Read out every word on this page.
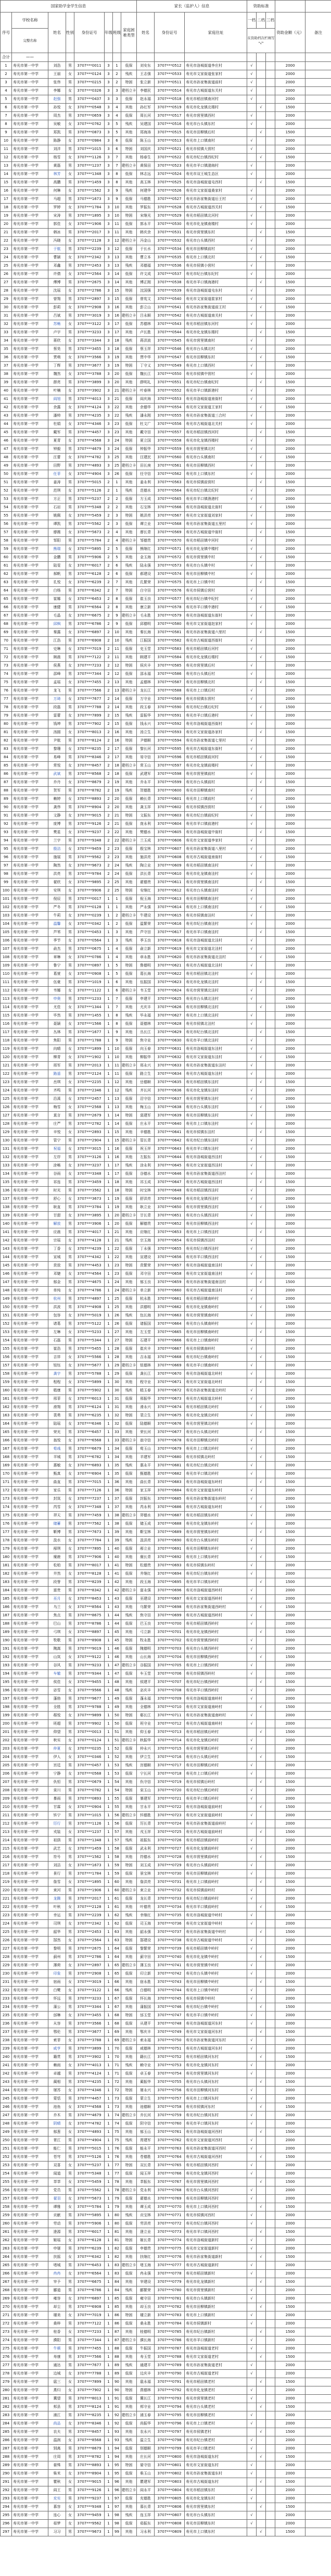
国家助学金学生信息								家长（监护人）信息			资助标准				
序号	学校名称	姓名	性别	身份证号	年级	班级	家庭困难类型	姓名	身份证号	家庭住址	一档	二档	三档	资助金额（元）	备注
	完整名称										在资助档次栏填写 "√"				
合计	——														
1	寿光市第一中学	刘浩	男	3707***0011	3	1	低保	刘安东	3707***0512	寿光市洛城街道李庄村	√			2000	
2	寿光市第一中学	王丽	女	3707***0124	3	2	残疾	王志强	3707***0533	寿光市文家街道张家村	√			2000	
3	寿光市第一中学	张伟	男	3707***0215	3	2	特困	张立新	3707***0511	寿光市孙家集街道前村	√			2000	
4	寿光市第一中学	李娜	女	3707***0326	3	3	建档立卡	李德民	3707***0514	寿光市古城街道东关村	√			2000	
5	寿光市第一中学	赵强	男	3707***0437	3	3	低保	赵永福	3707***0518	寿光市稻田镇南河村	√			2000	
6	寿光市第一中学	孙悦	女	3707***0548	3	4	其他	孙红军	3707***0519	寿光市化龙镇北楼村		√		1500	
7	寿光市第一中学	周杰	男	3707***0659	3	4	低保	周长河	3707***0517	寿光市营里镇西村	√			2000	
8	寿光市第一中学	吴敏	女	3707***0762	3	5	残疾	吴建国	3707***0516	寿光市台头镇东村	√			2000	
9	寿光市第一中学	郑凯	男	3707***0873	3	5	其他	郑海涛	3707***0515	寿光市田柳镇后村		√		1500	
10	寿光市第一中学	陈静	女	3707***0984	3	6	低保	陈玉山	3707***0513	寿光市上口镇南村	√			2000	
11	寿光市第一中学	刘洋	男	3707***1015	3	6	特困	刘国庆	3707***0521	寿光市侯镇大营村	√			2000	
12	寿光市第一中学	杨雪	女	3707***1126	3	7	其他	杨春生	3707***0522	寿光市纪台镇西纪村		√		1500	
13	寿光市第一中学	黄磊	男	3707***1237	3	7	建档立卡	黄保田	3707***0523	寿光市羊口镇渤海村	√			2000	
14	寿光市第一中学	林芳	女	3707***1348	3	8	低保	林志远	3707***0524	寿光市双王城生态区	√			2000	
15	寿光市第一中学	高鹏	男	3707***1459	3	8	其他	高玉林	3707***0525	寿光市洛城街道屯西村		√		1500	
16	寿光市第一中学	何琳	女	3707***1562	3	9	残疾	何建华	3707***0526	寿光市文家街道桑家村	√			2000	
17	寿光市第一中学	马超	男	3707***1673	3	9	低保	马德胜	3707***0527	寿光市孙家集街道后王村	√			2000	
18	寿光市第一中学	罗婷	女	3707***1784	3	10	其他	罗振东	3707***0528	寿光市古城街道西关村		√		1500	
19	寿光市第一中学	宋涛	男	3707***1895	3	10	特困	宋继光	3707***0529	寿光市稻田镇北河村	√			2000	
20	寿光市第一中学	郭佳	女	3707***1906	3	11	低保	郭永平	3707***0530	寿光市化龙镇南楼村	√			2000	
21	寿光市第一中学	韩冰	男	3707***2017	3	11	其他	韩庆余	3707***0531	寿光市营里镇东村		√		1500	
22	寿光市第一中学	冯晓	女	3707***2128	3	12	建档立卡	冯金山	3707***0532	寿光市台头镇西村	√			2000	
23	寿光市第一中学	于航	男	3707***2239	3	12	低保	于长水	3707***0534	寿光市田柳镇前村	√			2000	
24	寿光市第一中学	曹颖	女	3707***2342	3	13	其他	曹立本	3707***0535	寿光市上口镇北村		√		1500	
25	寿光市第一中学	邓鑫	男	3707***2453	3	13	残疾	邓德福	3707***0536	寿光市侯镇小营村	√			2000	
26	寿光市第一中学	许倩	女	3707***2564	3	14	低保	许文成	3707***0537	寿光市纪台镇东纪村	√			2000	
27	寿光市第一中学	傅博	男	3707***2675	3	14	其他	傅正刚	3707***0538	寿光市羊口镇海港村		√		1500	
28	寿光市第一中学	沈瑶	女	3707***2786	3	15	特困	沈国强	3707***0539	寿光市洛城街道屯东村	√			2000	
29	寿光市第一中学	曾翔	男	3707***2897	3	15	低保	曾宪文	3707***0540	寿光市文家街道崔家村	√			2000	
30	寿光市第一中学	彭莉	女	3707***2908	3	16	其他	彭立山	3707***0541	寿光市孙家集街道前王村		√		1500	
31	寿光市第一中学	吕斌	男	3707***3019	3	16	建档立卡	吕永顺	3707***0542	寿光市古城街道南关村	√			2000	
32	寿光市第一中学	苏畅	女	3707***3122	3	17	低保	苏德林	3707***0543	寿光市稻田镇东河村	√			2000	
33	寿光市第一中学	卢宇	男	3707***3233	3	17	其他	卢长胜	3707***0544	寿光市化龙镇东楼村		√		1500	
34	寿光市第一中学	蒋欣	女	3707***3344	3	18	残疾	蒋洪波	3707***0545	寿光市营里镇南村	√			2000	
35	寿光市第一中学	蔡昊	男	3707***3455	3	18	低保	蔡玉祥	3707***0546	寿光市台头镇北村	√			2000	
36	寿光市第一中学	贾萌	女	3707***3566	3	19	其他	贾中华	3707***0547	寿光市田柳镇东村		√		1500	
37	寿光市第一中学	丁辉	男	3707***3677	3	19	特困	丁守义	3707***0549	寿光市上口镇西村	√			2000	
38	寿光市第一中学	魏然	女	3707***3788	3	20	低保	魏长江	3707***0550	寿光市侯镇中营村	√			2000	
39	寿光市第一中学	薛亮	男	3707***3899	3	20	其他	薛明礼	3707***0551	寿光市纪台镇南纪村		√		1500	
40	寿光市第一中学	叶楠	女	3707***3902	3	21	建档立卡	叶春林	3707***0552	寿光市羊口镇新港村	√			2000	
41	寿光市第一中学	阎旭	男	3707***4013	3	21	低保	阎庆海	3707***0553	寿光市洛城街道南街村	√			2000	
42	寿光市第一中学	余露	女	3707***4124	3	22	其他	余德华	3707***0554	寿光市文家街道王家村		√		1500	
43	寿光市第一中学	潘帅	男	3707***4235	3	22	残疾	潘永刚	3707***0555	寿光市孙家集街道三合村	√			2000	
44	寿光市第一中学	杜娟	女	3707***4346	3	23	低保	杜文广	3707***0556	寿光市古城街道北关村	√			2000	
45	寿光市第一中学	戴军	男	3707***4457	3	23	其他	戴守田	3707***0557	寿光市稻田镇西河村		√		1500	
46	寿光市第一中学	夏青	女	3707***4568	3	24	特困	夏立国	3707***0558	寿光市化龙镇西楼村	√			2000	
47	寿光市第一中学	钟毅	男	3707***4679	3	24	低保	钟振华	3707***0559	寿光市营里镇北村	√			2000	
48	寿光市第一中学	汪蕾	女	3707***4782	3	25	其他	汪建民	3707***0560	寿光市台头镇南村		√		1500	
49	寿光市第一中学	田野	男	3707***4893	3	25	建档立卡	田长庚	3707***0561	寿光市田柳镇西村	√			2000	
50	寿光市第一中学	任菲	女	3707***4904	3	26	低保	任守信	3707***0562	寿光市上口镇东村	√			2000	
51	寿光市第一中学	姜涛	男	3707***5015	2	1	其他	姜永利	3707***0563	寿光市侯镇前营村		√		1500	
52	寿光市第一中学	范琪	女	3707***5126	2	1	残疾	范德水	3707***0564	寿光市纪台镇北纪村	√			2000	
53	寿光市第一中学	方正	男	3707***5237	2	2	低保	方玉成	3707***0565	寿光市羊口镇渔港村	√			2000	
54	寿光市第一中学	石岩	男	3707***5348	2	2	其他	石宝林	3707***0566	寿光市洛城街道北街村		√		1500	
55	寿光市第一中学	姚佩	女	3707***5459	2	3	特困	姚洪亮	3707***0567	寿光市文家街道刘家村	√			2000	
56	寿光市第一中学	谭凯	男	3707***5562	2	3	低保	谭立业	3707***0568	寿光市孙家集街道五里村	√			2000	
57	寿光市第一中学	廖薇	女	3707***5673	2	4	其他	廖长青	3707***0569	寿光市古城街道中街村		√		1500	
58	寿光市第一中学	邹阳	男	3707***5784	2	4	建档立卡	邹德贵	3707***0570	寿光市稻田镇中河村	√			2000	
59	寿光市第一中学	熊瑞	女	3707***5895	2	5	低保	熊继红	3707***0571	寿光市化龙镇中楼村	√			2000	
60	寿光市第一中学	金鹏	男	3707***5906	2	5	其他	金玉海	3707***0572	寿光市营里镇中村		√		1500	
61	寿光市第一中学	陆雯	女	3707***6017	2	6	残疾	陆永强	3707***0573	寿光市台头镇中村	√			2000	
62	寿光市第一中学	郝帆	男	3707***6128	2	6	低保	郝建设	3707***0574	寿光市田柳镇中村	√			2000	
63	寿光市第一中学	孔悦	女	3707***6239	2	7	其他	孔繁荣	3707***0575	寿光市上口镇中村		√		1500	
64	寿光市第一中学	白杨	男	3707***6342	2	7	特困	白守田	3707***0576	寿光市侯镇后营村	√			2000	
65	寿光市第一中学	崔娜	女	3707***6453	2	8	低保	崔玉良	3707***0577	寿光市纪台镇中纪村	√			2000	
66	寿光市第一中学	康健	男	3707***6564	2	8	其他	康立新	3707***0578	寿光市羊口镇中港村		√		1500	
67	寿光市第一中学	毛晶	女	3707***6675	2	9	建档立卡	毛永胜	3707***0579	寿光市洛城街道东街村	√			2000	
68	寿光市第一中学	邱枫	男	3707***6786	2	9	低保	邱德明	3707***0580	寿光市文家街道赵家村	√			2000	
69	寿光市第一中学	秦露	女	3707***6897	2	10	其他	秦长海	3707***0581	寿光市孙家集街道六里村		√		1500	
70	寿光市第一中学	江浩	男	3707***6908	2	10	残疾	江振国	3707***0582	寿光市古城街道西街村	√			2000	
71	寿光市第一中学	史琳	女	3707***7019	2	11	低保	史玉堂	3707***0583	寿光市稻田镇后河村	√			2000	
72	寿光市第一中学	顾晨	男	3707***7122	2	11	其他	顾建平	3707***0584	寿光市化龙镇后楼村		√		1500	
73	寿光市第一中学	侯燕	女	3707***7233	2	12	特困	侯庆丰	3707***0585	寿光市营里镇后村	√			2000	
74	寿光市第一中学	邵峰	男	3707***7344	2	12	低保	邵永福	3707***0586	寿光市台头镇后村	√			2000	
75	寿光市第一中学	孟瑶	女	3707***7455	2	13	其他	孟德林	3707***0587	寿光市田柳镇北村		√		1500	
76	寿光市第一中学	龙飞	男	3707***7566	2	13	建档立卡	龙长江	3707***0588	寿光市上口镇后村	√			2000	
77	寿光市第一中学	万琦	女	3707***7677	2	14	低保	万守业	3707***0589	寿光市侯镇东营村	√			2000	
78	寿光市第一中学	段磊	男	3707***7788	2	14	其他	段玉春	3707***0590	寿光市纪台镇后纪村		√		1500	
79	寿光市第一中学	雷蕾	女	3707***7899	2	15	残疾	雷振华	3707***0591	寿光市羊口镇后港村	√			2000	
80	寿光市第一中学	钱坤	男	3707***7902	2	15	低保	钱永兴	3707***0592	寿光市洛城街道西街村	√			2000	
81	寿光市第一中学	汤圆	女	3707***8013	2	16	其他	汤立生	3707***0593	寿光市文家街道孙家村		√		1500	
82	寿光市第一中学	尹航	男	3707***8124	2	16	特困	尹德顺	3707***0594	寿光市孙家集街道七里村	√			2000	
83	寿光市第一中学	黎珊	女	3707***8235	2	17	低保	黎长河	3707***0595	寿光市古城街道东街村	√			2000	
84	寿光市第一中学	易峰	男	3707***8346	2	17	其他	易守信	3707***0596	寿光市稻田镇前河村		√		1500	
85	寿光市第一中学	常悦	女	3707***8457	2	18	建档立卡	常玉山	3707***0597	寿光市化龙镇前楼村	√			2000	
86	寿光市第一中学	武斌	男	3707***8568	2	18	低保	武建军	3707***0598	寿光市营里镇前村	√			2000	
87	寿光市第一中学	乔丹	女	3707***8679	2	19	其他	乔永平	3707***0599	寿光市台头镇前村		√		1500	
88	寿光市第一中学	贺军	男	3707***8782	2	19	残疾	贺德胜	3707***0600	寿光市田柳镇南村	√			2000	
89	寿光市第一中学	赖婷	女	3707***8893	2	20	低保	赖长青	3707***0601	寿光市上口镇前村	√			2000	
90	寿光市第一中学	龚伟	男	3707***8904	2	20	其他	龚玉祥	3707***0602	寿光市侯镇西营村		√		1500	
91	寿光市第一中学	文静	女	3707***9015	2	21	特困	文振东	3707***0603	寿光市纪台镇前纪村	√			2000	
92	寿光市第一中学	庞博	男	3707***9126	2	21	低保	庞永利	3707***0604	寿光市羊口镇前港村	√			2000	
93	寿光市第一中学	樊星	女	3707***9237	2	22	其他	樊德水	3707***0605	寿光市洛城街道中街村		√		1500	
94	寿光市第一中学	兰宇	男	3707***9348	2	22	建档立卡	兰玉成	3707***0606	寿光市文家街道李家村	√			2000	
95	寿光市第一中学	殷洁	女	3707***9459	2	23	低保	殷宝林	3707***0607	寿光市孙家集街道八里村	√			2000	
96	寿光市第一中学	施展	男	3707***9562	2	23	其他	施洪亮	3707***0608	寿光市古城街道南街村		√		1500	
97	寿光市第一中学	陶然	女	3707***9673	2	24	残疾	陶立业	3707***0609	寿光市稻田镇南洼村	√			2000	
98	寿光市第一中学	洪亮	男	3707***9784	2	24	低保	洪长青	3707***0610	寿光市化龙镇南洼村	√			2000	
99	寿光市第一中学	翟欣	女	3707***9895	2	25	其他	翟德贵	3707***0611	寿光市营里镇南洼村		√		1500	
100	寿光市第一中学	安琪	女	3707***9906	2	25	特困	安继红	3707***0612	寿光市台头镇南洼村	√			2000	
101	寿光市第一中学	倪辰	男	3707***0017	1	1	低保	倪玉海	3707***0613	寿光市田柳镇南洼村	√			2000	
102	寿光市第一中学	严冬	男	3707***0128	1	1	其他	严永强	3707***0614	寿光市上口镇南洼村		√		1500	
103	寿光市第一中学	牛莉	女	3707***0239	1	2	建档立卡	牛建设	3707***0615	寿光市侯镇南洼村	√			2000	
104	寿光市第一中学	温馨	女	3707***0342	1	2	低保	温繁荣	3707***0616	寿光市纪台镇南洼村	√			2000	
105	寿光市第一中学	芦苇	男	3707***0453	1	3	其他	芦守田	3707***0617	寿光市羊口镇南洼村		√		1500	
106	寿光市第一中学	季节	女	3707***0564	1	3	残疾	季玉良	3707***0618	寿光市洛城街道北洼村	√			2000	
107	寿光市第一中学	俞杰	男	3707***0675	1	4	低保	俞立新	3707***0619	寿光市文家街道北洼村	√			2000	
108	寿光市第一中学	章琳	女	3707***0786	1	4	其他	章永胜	3707***0620	寿光市孙家集街道北洼村		√		1500	
109	寿光市第一中学	鲁宁	男	3707***0897	1	5	特困	鲁德明	3707***0621	寿光市古城街道北洼村	√			2000	
110	寿光市第一中学	葛萱	女	3707***0908	1	5	低保	葛长海	3707***0622	寿光市稻田镇北洼村	√			2000	
111	寿光市第一中学	伍豪	男	3707***1019	1	6	其他	伍振国	3707***0623	寿光市化龙镇北洼村		√		1500	
112	寿光市第一中学	韦娜	女	3707***1122	1	6	建档立卡	韦玉堂	3707***0624	寿光市营里镇北洼村	√			2000	
113	寿光市第一中学	申奥	男	3707***1233	1	7	低保	申建平	3707***0625	寿光市台头镇北洼村	√			2000	
114	寿光市第一中学	尤佳	女	3707***1344	1	7	其他	尤庆丰	3707***0626	寿光市田柳镇北洼村		√		1500	
115	寿光市第一中学	毕然	男	3707***1455	1	8	残疾	毕永福	3707***0627	寿光市上口镇北洼村	√			2000	
116	寿光市第一中学	聂颖	女	3707***1566	1	8	低保	聂德林	3707***0628	寿光市侯镇北洼村	√			2000	
117	寿光市第一中学	丛林	男	3707***1677	1	9	其他	丛长江	3707***0629	寿光市纪台镇北洼村		√		1500	
118	寿光市第一中学	焦阳	男	3707***1788	1	9	特困	焦守业	3707***0630	寿光市羊口镇北洼村	√			2000	
119	寿光市第一中学	向晴	女	3707***1899	1	10	低保	向玉春	3707***0631	寿光市洛城街道东洼村	√			2000	
120	寿光市第一中学	柳青	女	3707***1902	1	10	其他	柳振华	3707***0632	寿光市文家街道东洼村		√		1500	
121	寿光市第一中学	邢军	男	3707***2013	1	11	建档立卡	邢永兴	3707***0633	寿光市孙家集街道东洼村	√			2000	
122	寿光市第一中学	路遥	男	3707***2124	1	11	低保	路立生	3707***0634	寿光市古城街道东洼村	√			2000	
123	寿光市第一中学	岳琪	女	3707***2235	1	12	其他	岳德顺	3707***0635	寿光市稻田镇东洼村		√		1500	
124	寿光市第一中学	齐鸣	男	3707***2346	1	12	残疾	齐长河	3707***0636	寿光市化龙镇东洼村	√			2000	
125	寿光市第一中学	沿溪	女	3707***2457	1	13	低保	沿守信	3707***0637	寿光市营里镇东洼村	√			2000	
126	寿光市第一中学	梅雪	女	3707***2568	1	13	其他	梅玉山	3707***0638	寿光市台头镇东洼村		√		1500	
127	寿光市第一中学	莫言	男	3707***2679	1	14	特困	莫建军	3707***0639	寿光市田柳镇东洼村	√			2000	
128	寿光市第一中学	庄严	男	3707***2782	1	14	低保	庄永平	3707***0640	寿光市上口镇东洼村	√			2000	
129	寿光市第一中学	辛悦	女	3707***2893	1	15	其他	辛德胜	3707***0641	寿光市侯镇东洼村		√		1500	
130	寿光市第一中学	管宁	男	3707***2904	1	15	建档立卡	管长青	3707***0642	寿光市纪台镇东洼村	√			2000	
131	寿光市第一中学	祝福	女	3707***3015	1	16	低保	祝玉祥	3707***0643	寿光市羊口镇东洼村	√			2000	
132	寿光市第一中学	左岸	男	3707***3126	1	16	其他	左振东	3707***0644	寿光市洛城街道西洼村		√		1500	
133	寿光市第一中学	涂畅	女	3707***3237	1	17	残疾	涂永利	3707***0645	寿光市文家街道西洼村	√			2000	
134	寿光市第一中学	谷雨	女	3707***3348	1	17	低保	谷德水	3707***0646	寿光市孙家集街道西洼村	√			2000	
135	寿光市第一中学	祁连	男	3707***3459	1	18	其他	祁玉成	3707***0647	寿光市古城街道西洼村		√		1500	
136	寿光市第一中学	时光	男	3707***3562	1	18	特困	时宝林	3707***0648	寿光市稻田镇西洼村	√			2000	
137	寿光市第一中学	舒心	女	3707***3673	1	19	低保	舒洪亮	3707***0649	寿光市化龙镇西洼村	√			2000	
138	寿光市第一中学	耿直	男	3707***3784	1	19	其他	耿立业	3707***0650	寿光市营里镇西洼村		√		1500	
139	寿光市第一中学	甘甜	女	3707***3895	1	20	建档立卡	甘长青	3707***0651	寿光市台头镇西洼村	√			2000	
140	寿光市第一中学	解放	男	3707***3906	1	20	低保	解德贵	3707***0652	寿光市田柳镇西洼村	√			2000	
141	寿光市第一中学	应晨	男	3707***4017	1	21	其他	应继红	3707***0653	寿光市上口镇西洼村		√		1500	
142	寿光市第一中学	宗瑶	女	3707***4128	1	21	残疾	宗玉海	3707***0654	寿光市侯镇西洼村	√			2000	
143	寿光市第一中学	丁香	女	3707***4239	1	22	低保	丁永强	3707***0655	寿光市纪台镇西洼村	√			2000	
144	寿光市第一中学	宣城	男	3707***4342	1	22	其他	宣建设	3707***0656	寿光市羊口镇西洼村		√		1500	
145	寿光市第一中学	贲放	男	3707***4453	1	23	特困	贲繁荣	3707***0657	寿光市洛城街道南洼村	√			2000	
146	寿光市第一中学	邓婕	女	3707***4564	1	23	低保	邓守田	3707***0658	寿光市文家街道南洼村	√			2000	
147	寿光市第一中学	郁金	男	3707***4675	1	24	其他	郁玉良	3707***0659	寿光市孙家集街道南洼村		√		1500	
148	寿光市第一中学	单纯	女	3707***4786	1	24	建档立卡	单立新	3707***0660	寿光市古城街道南洼村	√			2000	
149	寿光市第一中学	杭州	男	3707***4897	1	25	低保	杭永胜	3707***0661	寿光市稻田镇南岭村	√			2000	
150	寿光市第一中学	洪波	男	3707***4908	1	25	其他	洪德明	3707***0662	寿光市化龙镇南岭村		√		1500	
151	寿光市第一中学	包容	女	3707***5019	1	26	残疾	包长海	3707***0663	寿光市营里镇南岭村	√			2000	
152	寿光市第一中学	诸葛	男	3707***5122	1	26	低保	诸振国	3707***0664	寿光市台头镇南岭村	√			2000	
153	寿光市第一中学	左琳	女	3707***5233	1	27	其他	左玉堂	3707***0665	寿光市田柳镇南岭村		√		1500	
154	寿光市第一中学	石磊	男	3707***5344	1	27	特困	石建平	3707***0666	寿光市上口镇南岭村	√			2000	
155	寿光市第一中学	崔浩	男	3707***5455	1	28	低保	崔庆丰	3707***0667	寿光市侯镇南岭村	√			2000	
156	寿光市第一中学	吉祥	女	3707***5566	1	28	其他	吉永福	3707***0668	寿光市纪台镇南岭村		√		1500	
157	寿光市第一中学	钮钰	女	3707***5677	1	29	建档立卡	钮德林	3707***0669	寿光市羊口镇南岭村	√			2000	
158	寿光市第一中学	龚宇	男	3707***5788	1	29	低保	龚长江	3707***0670	寿光市洛城街道北岭村	√			2000	
159	寿光市第一中学	程程	女	3707***5899	1	30	其他	程守业	3707***0671	寿光市文家街道北岭村		√		1500	
160	寿光市第一中学	嵇康	男	3707***5902	1	30	残疾	嵇玉春	3707***0672	寿光市孙家集街道北岭村	√			2000	
161	寿光市第一中学	邢菲	女	3707***6013	1	31	低保	邢振华	3707***0673	寿光市古城街道北岭村	√			2000	
162	寿光市第一中学	滑翔	男	3707***6124	1	31	其他	滑永兴	3707***0674	寿光市稻田镇北岭村		√		1500	
163	寿光市第一中学	裴勇	男	3707***6235	1	32	特困	裴立生	3707***0675	寿光市化龙镇北岭村	√			2000	
164	寿光市第一中学	陆瑶	女	3707***6346	1	32	低保	陆德顺	3707***0676	寿光市营里镇北岭村	√			2000	
165	寿光市第一中学	荣光	男	3707***6457	1	33	其他	荣长河	3707***0677	寿光市台头镇北岭村		√		1500	
166	寿光市第一中学	翁悦	女	3707***6568	1	33	建档立卡	翁守信	3707***0678	寿光市田柳镇北岭村	√			2000	
167	寿光市第一中学	荀彧	男	3707***6679	1	34	低保	荀玉山	3707***0679	寿光市上口镇北岭村	√			2000	
168	寿光市第一中学	羊城	男	3707***6782	1	34	其他	羊建军	3707***0680	寿光市侯镇北岭村		√		1500	
169	寿光市第一中学	惠敏	女	3707***6893	1	35	残疾	惠永平	3707***0681	寿光市纪台镇北岭村	√			2000	
170	寿光市第一中学	甄真	女	3707***6904	1	35	低保	甄德胜	3707***0682	寿光市羊口镇北岭村	√			2000	
171	寿光市第一中学	曲直	男	3707***7015	1	36	其他	曲长青	3707***0683	寿光市洛城街道东岭村		√		1500	
172	寿光市第一中学	家乐	男	3707***7126	1	36	特困	家玉祥	3707***0684	寿光市文家街道东岭村	√			2000	
173	寿光市第一中学	封岚	女	3707***7237	1	37	低保	封振东	3707***0685	寿光市孙家集街道东岭村	√			2000	
174	寿光市第一中学	芮雪	女	3707***7348	1	37	其他	芮永利	3707***0686	寿光市古城街道东岭村		√		1500	
175	寿光市第一中学	羿天	男	3707***7459	1	38	建档立卡	羿德水	3707***0687	寿光市稻田镇东岭村	√			2000	
176	寿光市第一中学	储蓄	男	3707***7562	1	38	低保	储玉成	3707***0688	寿光市化龙镇东岭村	√			2000	
177	寿光市第一中学	靳博	男	3707***7673	1	39	其他	靳宝林	3707***0689	寿光市营里镇东岭村		√		1500	
178	寿光市第一中学	汲水	女	3707***7784	1	39	残疾	汲洪亮	3707***0690	寿光市台头镇东岭村	√			2000	
179	寿光市第一中学	邴琪	女	3707***7895	1	40	低保	邴立业	3707***0691	寿光市田柳镇东岭村	√			2000	
180	寿光市第一中学	糜鹿	男	3707***7906	1	40	其他	糜长青	3707***0692	寿光市上口镇东岭村		√		1500	
181	寿光市第一中学	松柏	男	3707***8017	1	41	特困	松德贵	3707***0693	寿光市侯镇东岭村	√			2000	
182	寿光市第一中学	井然	女	3707***8128	1	41	低保	井继红	3707***0694	寿光市纪台镇东岭村	√			2000	
183	寿光市第一中学	段誉	男	3707***8239	1	42	其他	段玉海	3707***0695	寿光市羊口镇东岭村		√		1500	
184	寿光市第一中学	富贵	男	3707***8342	1	42	建档立卡	富永强	3707***0696	寿光市洛城街道西岭村	√			2000	
185	寿光市第一中学	巫月	女	3707***8453	1	43	低保	巫建设	3707***0697	寿光市文家街道西岭村	√			2000	
186	寿光市第一中学	乌兰	女	3707***8564	1	43	其他	乌繁荣	3707***0698	寿光市孙家集街道西岭村		√		1500	
187	寿光市第一中学	焦点	男	3707***8675	1	44	残疾	焦守田	3707***0699	寿光市古城街道西岭村	√			2000	
188	寿光市第一中学	巴山	男	3707***8786	1	44	低保	巴玉良	3707***0700	寿光市稻田镇西岭村	√			2000	
189	寿光市第一中学	弓琪	女	3707***8897	1	45	其他	弓立新	3707***0701	寿光市化龙镇西岭村		√		1500	
190	寿光市第一中学	牧歌	男	3707***8908	1	45	特困	牧永胜	3707***0702	寿光市营里镇西岭村	√			2000	
191	寿光市第一中学	隗嵩	男	3707***9019	1	46	低保	隗德明	3707***0703	寿光市台头镇西岭村	√			2000	
192	寿光市第一中学	山岚	女	3707***9122	1	46	其他	山长海	3707***0704	寿光市田柳镇西岭村		√		1500	
193	寿光市第一中学	谷风	男	3707***9233	1	47	建档立卡	谷振国	3707***0705	寿光市上口镇西岭村	√			2000	
194	寿光市第一中学	车辙	男	3707***9344	1	47	低保	车玉堂	3707***0706	寿光市侯镇西岭村	√			2000	
195	寿光市第一中学	侯佳	女	3707***9455	1	48	其他	侯建平	3707***0707	寿光市纪台镇西岭村		√		1500	
196	寿光市第一中学	宓雪	女	3707***9566	1	48	残疾	宓庆丰	3707***0708	寿光市羊口镇西岭村	√			2000	
197	寿光市第一中学	蓬勃	男	3707***9677	1	49	低保	蓬永福	3707***0709	寿光市洛城街道南岭村	√			2000	
198	寿光市第一中学	全胜	男	3707***9788	1	49	其他	全德林	3707***0710	寿光市文家街道南岭村		√		1500	
199	寿光市第一中学	郗悦	女	3707***9899	1	50	特困	郗长江	3707***0711	寿光市孙家集街道南岭村	√			2000	
200	寿光市第一中学	班超	男	3707***9902	1	50	低保	班守业	3707***0712	寿光市古城街道南岭村	√			2000	
201	寿光市第一中学	仰望	男	3707***0013	1	51	其他	仰玉春	3707***0713	寿光市稻田镇后岭村		√		1500	
202	寿光市第一中学	秋实	女	3707***0124	1	51	建档立卡	秋振华	3707***0714	寿光市化龙镇后岭村	√			2000	
203	寿光市第一中学	仲夏	女	3707***0235	1	52	低保	仲永兴	3707***0715	寿光市营里镇后岭村	√			2000	
204	寿光市第一中学	伊人	女	3707***0346	1	52	其他	伊立生	3707***0716	寿光市台头镇后岭村		√		1500	
205	寿光市第一中学	宫廷	男	3707***0457	1	53	残疾	宫德顺	3707***0717	寿光市田柳镇后岭村	√			2000	
206	寿光市第一中学	宁静	女	3707***0568	1	53	低保	宁长河	3707***0718	寿光市上口镇后岭村	√			2000	
207	寿光市第一中学	仇恒	男	3707***0679	1	54	其他	仇守信	3707***0719	寿光市侯镇后岭村		√		1500	
208	寿光市第一中学	栾川	男	3707***0782	1	54	特困	栾玉山	3707***0720	寿光市纪台镇后岭村	√			2000	
209	寿光市第一中学	暴雨	男	3707***0893	1	55	低保	暴建军	3707***0721	寿光市羊口镇后岭村	√			2000	
210	寿光市第一中学	甘霖	女	3707***0904	1	55	其他	甘永平	3707***0722	寿光市洛城街道前岭村		√		1500	
211	寿光市第一中学	钭宁	男	3707***1015	1	56	建档立卡	钭德胜	3707***0723	寿光市文家街道前岭村	√			2000	
212	寿光市第一中学	厉行	男	3707***1126	1	56	低保	厉长青	3707***0724	寿光市孙家集街道前岭村	√			2000	
213	寿光市第一中学	戎装	女	3707***1237	1	57	其他	戎玉祥	3707***0725	寿光市古城街道前岭村		√		1500	
214	寿光市第一中学	祖荫	男	3707***1348	1	57	残疾	祖振东	3707***0726	寿光市稻田镇前岭村	√			2000	
215	寿光市第一中学	武艺	女	3707***1459	1	58	低保	武永利	3707***0727	寿光市化龙镇前岭村	√			2000	
216	寿光市第一中学	符号	男	3707***1562	1	58	其他	符德水	3707***0728	寿光市营里镇前岭村		√		1500	
217	寿光市第一中学	刘洁	女	3707***1673	1	59	特困	刘玉成	3707***0729	寿光市台头镇前岭村	√			2000	
218	寿光市第一中学	景行	男	3707***1784	1	59	低保	景宝林	3707***0730	寿光市田柳镇前岭村	√			2000	
219	寿光市第一中学	詹雪	女	3707***1895	1	60	其他	詹洪亮	3707***0731	寿光市上口镇前岭村		√		1500	
220	寿光市第一中学	束河	男	3707***1906	1	60	建档立卡	束立业	3707***0732	寿光市侯镇前岭村	√			2000	
221	寿光市第一中学	龙腾	男	3707***2017	1	61	低保	龙长青	3707***0733	寿光市纪台镇前岭村	√			2000	
222	寿光市第一中学	叶秋	女	3707***2128	1	61	其他	叶德贵	3707***0734	寿光市羊口镇前岭村		√		1500	
223	寿光市第一中学	幸运	男	3707***2239	1	62	残疾	幸继红	3707***0735	寿光市洛城街道中岭村	√			2000	
224	寿光市第一中学	司琪	女	3707***2342	1	62	低保	司玉海	3707***0736	寿光市文家街道中岭村	√			2000	
225	寿光市第一中学	韶华	男	3707***2453	1	63	其他	韶永强	3707***0737	寿光市孙家集街道中岭村		√		1500	
226	寿光市第一中学	郜然	女	3707***2564	1	63	特困	郜建设	3707***0738	寿光市古城街道中岭村	√			2000	
227	寿光市第一中学	黎明	男	3707***2675	1	64	低保	黎繁荣	3707***0739	寿光市稻田镇中岭村	√			2000	
228	寿光市第一中学	蓟州	男	3707***2786	1	64	其他	蓟守田	3707***0740	寿光市化龙镇中岭村		√		1500	
229	寿光市第一中学	薄荷	女	3707***2897	1	65	建档立卡	薄玉良	3707***0741	寿光市营里镇中岭村	√			2000	
230	寿光市第一中学	印象	男	3707***2908	1	65	低保	印立新	3707***0742	寿光市台头镇中岭村	√			2000	
231	寿光市第一中学	宿雨	女	3707***3019	1	66	其他	宿永胜	3707***0743	寿光市田柳镇中岭村		√		1500	
232	寿光市第一中学	白鹭	女	3707***3122	1	66	残疾	白德明	3707***0744	寿光市上口镇中岭村	√			2000	
233	寿光市第一中学	怀远	男	3707***3233	1	67	低保	怀长海	3707***0745	寿光市侯镇中岭村	√			2000	
234	寿光市第一中学	蒲公	男	3707***3344	1	67	其他	蒲振国	3707***0746	寿光市纪台镇中岭村		√		1500	
235	寿光市第一中学	邰琳	女	3707***3455	1	68	特困	邰玉堂	3707***0747	寿光市羊口镇中岭村	√			2000	
236	寿光市第一中学	从容	男	3707***3566	1	68	低保	从建平	3707***0748	寿光市洛城街道河东村	√			2000	
237	寿光市第一中学	鄂伦	男	3707***3677	1	69	其他	鄂庆丰	3707***0749	寿光市文家街道河东村		√		1500	
238	寿光市第一中学	索菲	女	3707***3788	1	69	建档立卡	索永福	3707***0750	寿光市孙家集街道河东村	√			2000	
239	寿光市第一中学	咸亨	男	3707***3899	1	70	低保	咸德林	3707***0751	寿光市古城街道河东村	√			2000	
240	寿光市第一中学	籍贯	男	3707***3902	1	70	其他	籍长江	3707***0752	寿光市稻田镇河东村		√		1500	
241	寿光市第一中学	赖雨	女	3707***4013	1	71	残疾	赖守业	3707***0753	寿光市化龙镇河东村	√			2000	
242	寿光市第一中学	卓越	男	3707***4124	1	71	低保	卓玉春	3707***0754	寿光市营里镇河东村	√			2000	
243	寿光市第一中学	蔺相	男	3707***4235	1	72	其他	蔺振华	3707***0755	寿光市台头镇河东村		√		1500	
244	寿光市第一中学	屠苏	女	3707***4346	1	72	特困	屠永兴	3707***0756	寿光市田柳镇河东村	√			2000	
245	寿光市第一中学	蒙恬	男	3707***4457	1	73	低保	蒙立生	3707***0757	寿光市上口镇河东村	√			2000	
246	寿光市第一中学	池鱼	女	3707***4568	1	73	其他	池德顺	3707***0758	寿光市侯镇河东村		√		1500	
247	寿光市第一中学	乔木	男	3707***4679	1	74	建档立卡	乔长河	3707***0759	寿光市纪台镇河东村	√			2000	
248	寿光市第一中学	阴晴	女	3707***4782	1	74	低保	阴守信	3707***0760	寿光市羊口镇河东村	√			2000	
249	寿光市第一中学	郁葱	女	3707***4893	1	75	其他	郁玉山	3707***0761	寿光市洛城街道河西村		√		1500	
250	寿光市第一中学	胥江	男	3707***4904	1	75	残疾	胥建军	3707***0762	寿光市文家街道河西村	√			2000	
251	寿光市第一中学	能仁	男	3707***5015	1	76	低保	能永平	3707***0763	寿光市孙家集街道河西村	√			2000	
252	寿光市第一中学	苍穹	男	3707***5126	1	76	其他	苍德胜	3707***0764	寿光市古城街道河西村		√		1500	
253	寿光市第一中学	双喜	女	3707***5237	1	77	特困	双长青	3707***0765	寿光市稻田镇河西村	√			2000	
254	寿光市第一中学	闻道	男	3707***5348	1	77	低保	闻玉祥	3707***0766	寿光市化龙镇河西村	√			2000	
255	寿光市第一中学	莘莘	女	3707***5459	1	78	其他	莘振东	3707***0767	寿光市营里镇河西村		√		1500	
256	寿光市第一中学	党员	男	3707***5562	1	78	建档立卡	党永利	3707***0768	寿光市台头镇河西村	√			2000	
257	寿光市第一中学	翟羽	女	3707***5673	1	79	低保	翟德水	3707***0769	寿光市田柳镇河西村	√			2000	
258	寿光市第一中学	谭雅	女	3707***5784	1	79	其他	谭玉成	3707***0770	寿光市上口镇河西村		√		1500	
259	寿光市第一中学	贡献	男	3707***5895	1	80	残疾	贡宝林	3707***0771	寿光市侯镇河西村	√			2000	
260	寿光市第一中学	劳动	男	3707***5906	1	80	低保	劳洪亮	3707***0772	寿光市纪台镇河西村	√			2000	
261	寿光市第一中学	逄源	男	3707***6017	1	81	其他	逄立业	3707***0773	寿光市羊口镇河西村		√		1500	
262	寿光市第一中学	姬瑶	女	3707***6128	1	81	特困	姬长青	3707***0774	寿光市洛城街道新村	√			2000	
263	寿光市第一中学	申屠	男	3707***6239	1	82	低保	申德贵	3707***0775	寿光市文家街道新村	√			2000	
264	寿光市第一中学	扶摇	女	3707***6342	1	82	其他	扶继红	3707***0776	寿光市孙家集街道新村		√		1500	
265	寿光市第一中学	堵城	男	3707***6453	1	83	建档立卡	堵玉海	3707***0777	寿光市古城街道新村	√			2000	
266	寿光市第一中学	冉冉	女	3707***6564	1	83	低保	冉永强	3707***0778	寿光市稻田镇新村	√			2000	
267	寿光市第一中学	宰予	男	3707***6675	1	84	其他	宰建设	3707***0779	寿光市化龙镇新村		√		1500	
268	寿光市第一中学	郦道	男	3707***6786	1	84	残疾	郦繁荣	3707***0780	寿光市营里镇新村	√			2000	
269	寿光市第一中学	雍容	女	3707***6897	1	85	低保	雍守田	3707***0781	寿光市台头镇新村	√			2000	
270	寿光市第一中学	却尘	男	3707***6908	1	85	其他	却玉良	3707***0782	寿光市田柳镇新村		√		1500	
271	寿光市第一中学	璩美	女	3707***7019	1	86	特困	璩立新	3707***0783	寿光市上口镇新村	√			2000	
272	寿光市第一中学	桑梓	男	3707***7122	1	86	低保	桑永胜	3707***0784	寿光市侯镇新村	√			2000	
273	寿光市第一中学	桂香	女	3707***7233	1	87	其他	桂德明	3707***0785	寿光市纪台镇新村		√		1500	
274	寿光市第一中学	濮阳	男	3707***7344	1	87	建档立卡	濮长海	3707***0786	寿光市羊口镇新村	√			2000	
275	寿光市第一中学	牛顿	男	3707***7455	1	88	低保	牛振国	3707***0787	寿光市洛城街道老村	√			2000	
276	寿光市第一中学	寿康	男	3707***7566	1	88	其他	寿玉堂	3707***0788	寿光市文家街道老村		√		1500	
277	寿光市第一中学	通达	男	3707***7677	1	89	残疾	通建平	3707***0789	寿光市孙家集街道老村	√			2000	
278	寿光市第一中学	边城	女	3707***7788	1	89	低保	边庆丰	3707***0790	寿光市古城街道老村	√			2000	
279	寿光市第一中学	扈三	女	3707***7899	1	90	其他	扈永福	3707***0791	寿光市稻田镇老村		√		1500	
280	寿光市第一中学	燕归	女	3707***7902	1	90	特困	燕德林	3707***0792	寿光市化龙镇老村	√			2000	
281	寿光市第一中学	冀望	男	3707***8013	1	91	低保	冀长江	3707***0793	寿光市营里镇老村	√			2000	
282	寿光市第一中学	郏县	男	3707***8124	1	91	其他	郏守业	3707***0794	寿光市台头镇老村		√		1500	
283	寿光市第一中学	浦江	男	3707***8235	1	92	建档立卡	浦玉春	3707***0795	寿光市田柳镇老村	√			2000	
284	寿光市第一中学	尚品	女	3707***8346	1	92	低保	尚振华	3707***0796	寿光市上口镇老村	√			2000	
285	寿光市第一中学	农夫	男	3707***8457	1	93	其他	农永兴	3707***0797	寿光市侯镇老村		√		1500	
286	寿光市第一中学	温润	女	3707***8568	1	93	残疾	温立生	3707***0798	寿光市纪台镇老村	√			2000	
287	寿光市第一中学	别离	男	3707***8679	1	94	低保	别德顺	3707***0799	寿光市羊口镇老村	√			2000	
288	寿光市第一中学	庄周	男	3707***8782	1	94	其他	庄长河	3707***0800	寿光市洛城街道东村		√		1500	
289	寿光市第一中学	晏殊	男	3707***8893	1	95	特困	晏守信	3707***0801	寿光市文家街道东村	√			2000	
290	寿光市第一中学	柴米	女	3707***8904	1	95	低保	柴玉山	3707***0802	寿光市孙家集街道东村	√			2000	
291	寿光市第一中学	瞿秋	女	3707***9015	1	96	其他	瞿建军	3707***0803	寿光市古城街道东村		√		1500	
292	寿光市第一中学	阎王	男	3707***9126	1	96	建档立卡	阎永平	3707***0804	寿光市稻田镇东村	√			2000	
293	寿光市第一中学	充实	男	3707***9237	1	97	低保	充德胜	3707***0805	寿光市化龙镇东村	√			2000	
294	寿光市第一中学	慕容	女	3707***9348	1	97	其他	慕长青	3707***0806	寿光市营里镇东村		√		1500	
295	寿光市第一中学	连心	女	3707***9459	1	98	残疾	连玉祥	3707***0807	寿光市台头镇东村	√			2000	
296	寿光市第一中学	茹梦	女	3707***9562	1	98	低保	茹振东	3707***0808	寿光市田柳镇东村	√			2000	
297	寿光市第一中学	习习	男	3707***9673	1	99	其他	习永利	3707***0809	寿光市上口镇东村		√		1500	
